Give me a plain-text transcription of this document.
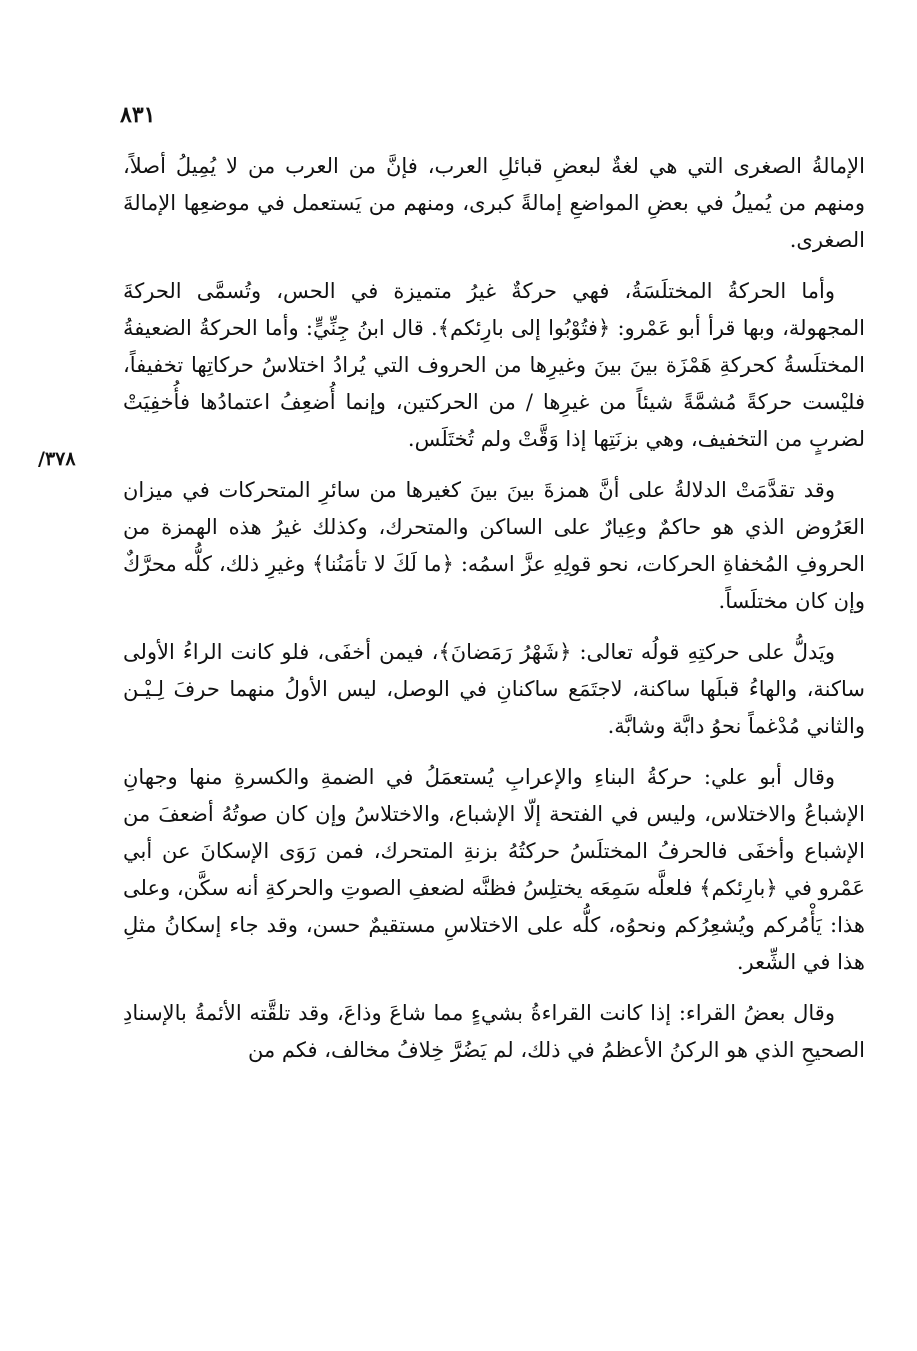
٨٣١
/٣٧٨

الإمالةُ الصغرى التي هي لغةٌ لبعضِ قبائلِ العرب، فإنَّ من العرب من لا يُمِيلُ أصلاً، ومنهم من يُميلُ في بعضِ المواضعِ إمالةً كبرى، ومنهم من يَستعمل في موضعِها الإمالةَ الصغرى.

وأما الحركةُ المختلَسَةُ، فهي حركةٌ غيرُ متميزة في الحس، وتُسمَّى الحركةَ المجهولة، وبها قرأ أبو عَمْرو: ﴿فتُوْبُوا إلى بارِئكم﴾. قال ابنُ جِنِّيٍّ: وأما الحركةُ الضعيفةُ المختلَسةُ كحركةِ هَمْزَة بينَ بينَ وغيرِها من الحروف التي يُرادُ اختلاسُ حركاتِها تخفيفاً، فليْست حركةً مُشمَّةً شيئاً من غيرِها / من الحركتين، وإنما أُضعِفُ اعتمادُها فأُخفِيَتْ لضربٍ من التخفيف، وهي بزنَتِها إذا وَقَّتْ ولم تُختَلَس.

وقد تقدَّمَتْ الدلالةُ على أنَّ همزةَ بينَ بينَ كغيرها من سائرِ المتحركات في ميزان العَرُوض الذي هو حاكمٌ وعِيارٌ على الساكن والمتحرك، وكذلك غيرُ هذه الهمزة من الحروفِ المُخفاةِ الحركات، نحو قولِهِ عزَّ اسمُه: ﴿ما لَكَ لا تأمَنُنا﴾ وغيرِ ذلك، كلُّه محرَّكٌ وإن كان مختلَساً.

ويَدلُّ على حركتِهِ قولُه تعالى: ﴿شَهْرُ رَمَضانَ﴾، فيمن أخفَى، فلو كانت الراءُ الأولى ساكنة، والهاءُ قبلَها ساكنة، لاجتَمَع ساكنانِ في الوصل، ليس الأولُ منهما حرفَ لِـيْـن والثاني مُدْغماً نحوُ دابَّة وشابَّة.

وقال أبو علي: حركةُ البناءِ والإعرابِ يُستعمَلُ في الضمةِ والكسرةِ منها وجهانِ الإشباعُ والاختلاس، وليس في الفتحة إلّا الإشباع، والاختلاسُ وإن كان صوتُهُ أضعفَ من الإشباع وأخفَى فالحرفُ المختلَسُ حركتُهُ بزنةِ المتحرك، فمن رَوَى الإسكانَ عن أبي عَمْرو في ﴿بارِئكم﴾ فلعلَّه سَمِعَه يختلِسُ فظنَّه لضعفِ الصوتِ والحركةِ أنه سكَّن، وعلى هذا: يَأْمُركم ويُشعِرُكم ونحوُه، كلُّه على الاختلاسِ مستقيمٌ حسن، وقد جاء إسكانُ مثلِ هذا في الشِّعر.

وقال بعضُ القراء: إذا كانت القراءةُ بشيءٍ مما شاعَ وذاعَ، وقد تلقَّته الأئمةُ بالإسنادِ الصحيحِ الذي هو الركنُ الأعظمُ في ذلك، لم يَضُرَّ خِلافُ مخالف، فكم من
